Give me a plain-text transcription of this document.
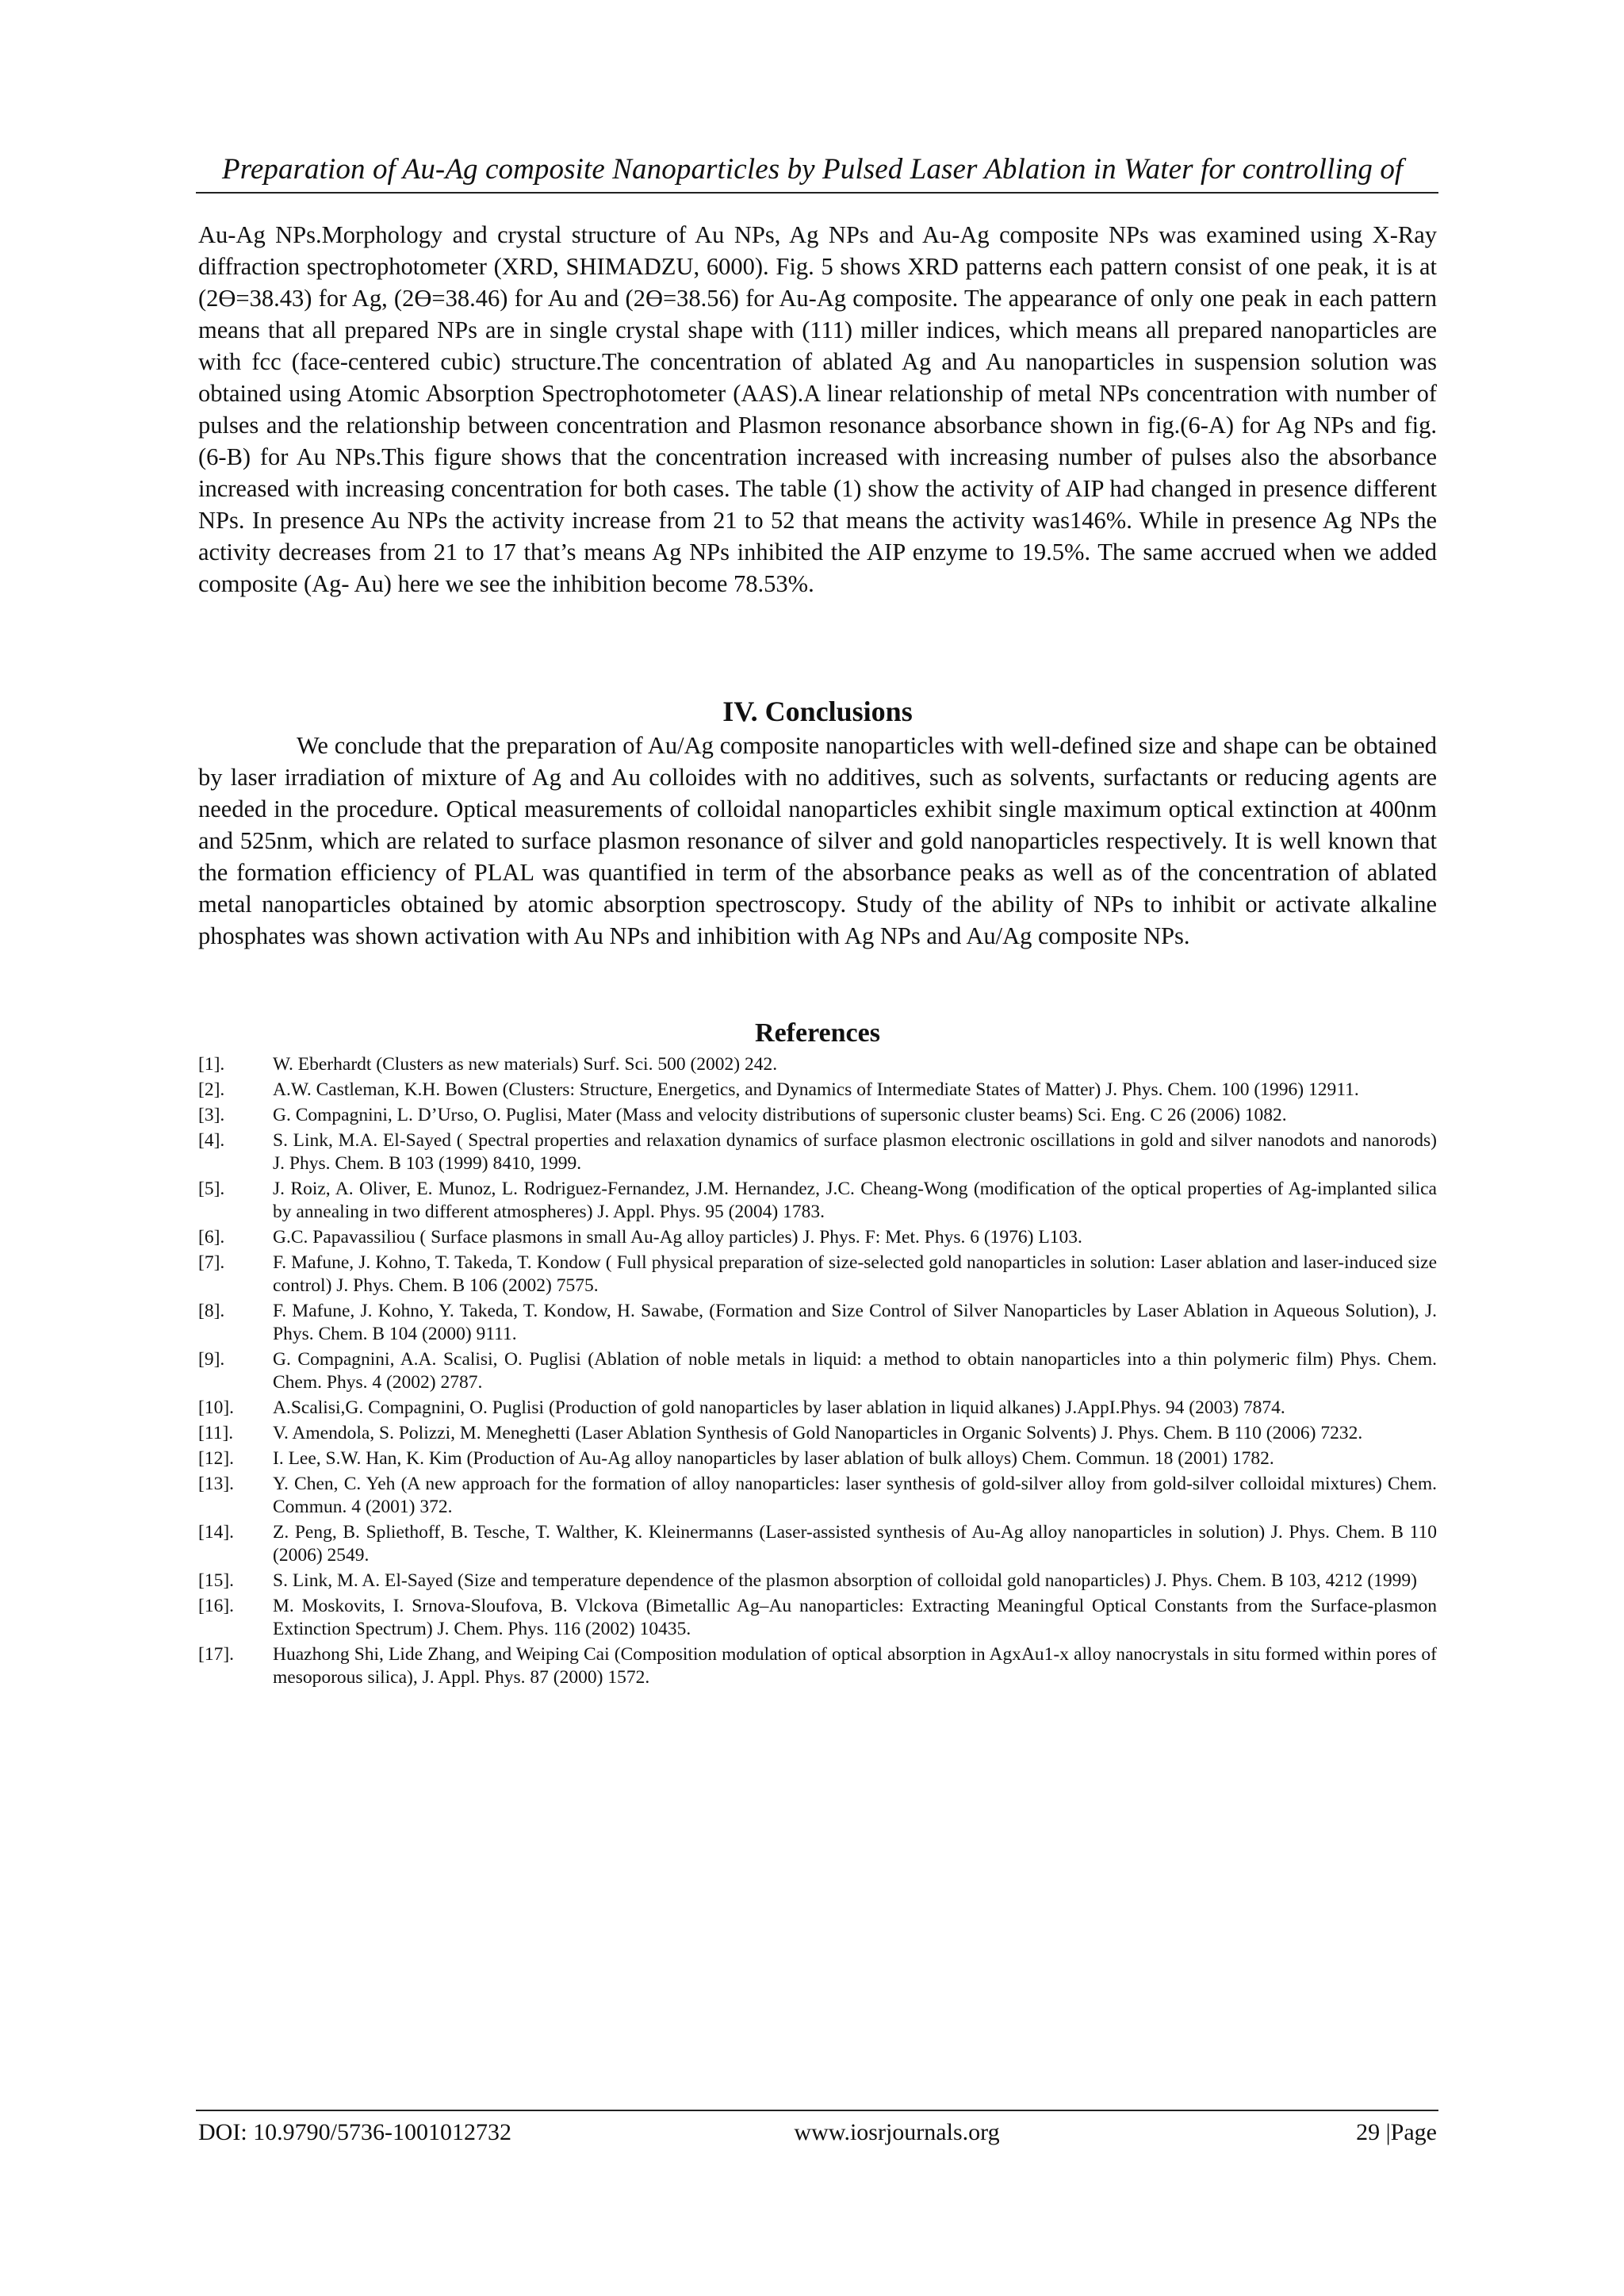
Preparation of Au-Ag composite Nanoparticles by Pulsed Laser Ablation in Water for controlling of

Au-Ag NPs.Morphology and crystal structure of Au NPs, Ag NPs and Au-Ag composite NPs was examined using X-Ray diffraction spectrophotometer (XRD, SHIMADZU, 6000). Fig. 5 shows XRD patterns each pattern consist of one peak, it is at (2ϴ=38.43) for Ag, (2ϴ=38.46) for Au and (2ϴ=38.56) for Au-Ag composite. The appearance of only one peak in each pattern means that all prepared NPs are in single crystal shape with (111) miller indices, which means all prepared nanoparticles are with fcc (face-centered cubic) structure.The concentration of ablated Ag and Au nanoparticles in suspension solution was obtained using Atomic Absorption Spectrophotometer (AAS).A linear relationship of metal NPs concentration with number of pulses and the relationship between concentration and Plasmon resonance absorbance shown in fig.(6-A) for Ag NPs and fig.(6-B) for Au NPs.This figure shows that the concentration increased with increasing number of pulses also the absorbance increased with increasing concentration for both cases. The table (1) show the activity of AIP had changed in presence different NPs. In presence Au NPs the activity increase from 21 to 52 that means the activity was146%. While in presence Ag NPs the activity decreases from 21 to 17 that’s means Ag NPs inhibited the AIP enzyme to 19.5%. The same accrued when we added composite (Ag- Au) here we see the inhibition become 78.53%.

IV. Conclusions

We conclude that the preparation of Au/Ag composite nanoparticles with well-defined size and shape can be obtained by laser irradiation of mixture of Ag and Au colloides with no additives, such as solvents, surfactants or reducing agents are needed in the procedure. Optical measurements of colloidal nanoparticles exhibit single maximum optical extinction at 400nm and 525nm, which are related to surface plasmon resonance of silver and gold nanoparticles respectively. It is well known that the formation efficiency of PLAL was quantified in term of the absorbance peaks as well as of the concentration of ablated metal nanoparticles obtained by atomic absorption spectroscopy. Study of the ability of NPs to inhibit or activate alkaline phosphates was shown activation with Au NPs and inhibition with Ag NPs and Au/Ag composite NPs.

References
[1].	W. Eberhardt (Clusters as new materials) Surf. Sci. 500 (2002) 242.
[2].	A.W. Castleman, K.H. Bowen (Clusters: Structure, Energetics, and Dynamics of Intermediate States of Matter) J. Phys. Chem. 100 (1996) 12911.
[3].	G. Compagnini, L. D’Urso, O. Puglisi, Mater (Mass and velocity distributions of supersonic cluster beams) Sci. Eng. C 26 (2006) 1082.
[4].	S. Link, M.A. El-Sayed ( Spectral properties and relaxation dynamics of surface plasmon electronic oscillations in gold and silver nanodots and nanorods) J. Phys. Chem. B 103 (1999) 8410, 1999.
[5].	J. Roiz, A. Oliver, E. Munoz, L. Rodriguez-Fernandez, J.M. Hernandez, J.C. Cheang-Wong (modification of the optical properties of Ag-implanted silica by annealing in two different atmospheres) J. Appl. Phys. 95 (2004) 1783.
[6].	G.C. Papavassiliou ( Surface plasmons in small Au-Ag alloy particles) J. Phys. F: Met. Phys. 6 (1976) L103.
[7].	F. Mafune, J. Kohno, T. Takeda, T. Kondow ( Full physical preparation of size-selected gold nanoparticles in solution: Laser ablation and laser-induced size control) J. Phys. Chem. B 106 (2002) 7575.
[8].	F. Mafune, J. Kohno, Y. Takeda, T. Kondow, H. Sawabe, (Formation and Size Control of Silver Nanoparticles by Laser Ablation in Aqueous Solution), J. Phys. Chem. B 104 (2000) 9111.
[9].	G. Compagnini, A.A. Scalisi, O. Puglisi (Ablation of noble metals in liquid: a method to obtain nanoparticles into a thin polymeric film) Phys. Chem. Chem. Phys. 4 (2002) 2787.
[10].	A.Scalisi,G. Compagnini, O. Puglisi (Production of gold nanoparticles by laser ablation in liquid alkanes) J.AppI.Phys. 94 (2003) 7874.
[11].	V. Amendola, S. Polizzi, M. Meneghetti (Laser Ablation Synthesis of Gold Nanoparticles in Organic Solvents) J. Phys. Chem. B 110 (2006) 7232.
[12].	I. Lee, S.W. Han, K. Kim (Production of Au-Ag alloy nanoparticles by laser ablation of bulk alloys) Chem. Commun. 18 (2001) 1782.
[13].	Y. Chen, C. Yeh (A new approach for the formation of alloy nanoparticles: laser synthesis of gold-silver alloy from gold-silver colloidal mixtures) Chem. Commun. 4 (2001) 372.
[14].	Z. Peng, B. Spliethoff, B. Tesche, T. Walther, K. Kleinermanns (Laser-assisted synthesis of Au-Ag alloy nanoparticles in solution) J. Phys. Chem. B 110 (2006) 2549.
[15].	S. Link, M. A. El-Sayed (Size and temperature dependence of the plasmon absorption of colloidal gold nanoparticles) J. Phys. Chem. B 103, 4212 (1999)
[16].	M. Moskovits, I. Srnova-Sloufova, B. Vlckova (Bimetallic Ag–Au nanoparticles: Extracting Meaningful Optical Constants from the Surface-plasmon Extinction Spectrum) J. Chem. Phys. 116 (2002) 10435.
[17].	Huazhong Shi, Lide Zhang, and Weiping Cai (Composition modulation of optical absorption in AgxAu1-x alloy nanocrystals in situ formed within pores of mesoporous silica), J. Appl. Phys. 87 (2000) 1572.
DOI: 10.9790/5736-1001012732	www.iosrjournals.org	29 |Page
